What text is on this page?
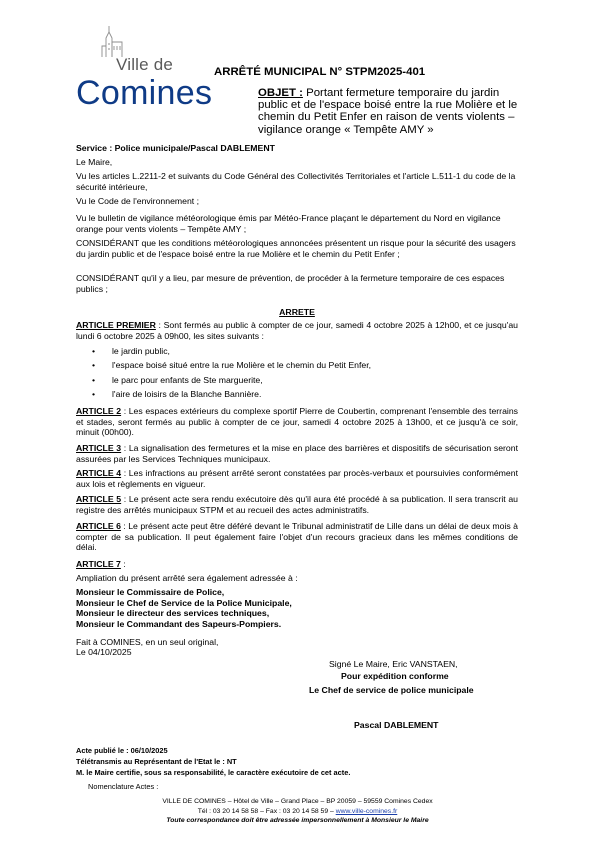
Ville de
Comines
ARRÊTÉ MUNICIPAL N° STPM2025-401
OBJET : Portant fermeture temporaire du jardin public et de l'espace boisé entre la rue Molière et le chemin du Petit Enfer en raison de vents violents – vigilance orange « Tempête AMY »

Service : Police municipale/Pascal DABLEMENT

Le Maire,

Vu les articles L.2211-2 et suivants du Code Général des Collectivités Territoriales et l'article L.511-1 du code de la sécurité intérieure,

Vu le Code de l'environnement ;

Vu le bulletin de vigilance météorologique émis par Météo-France plaçant le département du Nord en vigilance orange pour vents violents – Tempête AMY ;

CONSIDÉRANT que les conditions météorologiques annoncées présentent un risque pour la sécurité des usagers du jardin public et de l'espace boisé entre la rue Molière et le chemin du Petit Enfer ;

CONSIDÉRANT qu'il y a lieu, par mesure de prévention, de procéder à la fermeture temporaire de ces espaces publics ;

ARRETE

ARTICLE PREMIER : Sont fermés au public à compter de ce jour, samedi 4 octobre 2025 à 12h00, et ce jusqu'au lundi 6 octobre 2025 à 09h00, les sites suivants :

• le jardin public,
• l'espace boisé situé entre la rue Molière et le chemin du Petit Enfer,
• le parc pour enfants de Ste marguerite,
• l'aire de loisirs de la Blanche Bannière.

ARTICLE 2 : Les espaces extérieurs du complexe sportif Pierre de Coubertin, comprenant l'ensemble des terrains et stades, seront fermés au public à compter de ce jour, samedi 4 octobre 2025 à 13h00, et ce jusqu'à ce soir, minuit (00h00).

ARTICLE 3 : La signalisation des fermetures et la mise en place des barrières et dispositifs de sécurisation seront assurées par les Services Techniques municipaux.

ARTICLE 4 : Les infractions au présent arrêté seront constatées par procès-verbaux et poursuivies conformément aux lois et règlements en vigueur.

ARTICLE 5 : Le présent acte sera rendu exécutoire dès qu'il aura été procédé à sa publication. Il sera transcrit au registre des arrêtés municipaux STPM et au recueil des actes administratifs.

ARTICLE 6 : Le présent acte peut être déféré devant le Tribunal administratif de Lille dans un délai de deux mois à compter de sa publication. Il peut également faire l'objet d'un recours gracieux dans les mêmes conditions de délai.

ARTICLE 7 :

Ampliation du présent arrêté sera également adressée à :

Monsieur le Commissaire de Police,
Monsieur le Chef de Service de la Police Municipale,
Monsieur le directeur des services techniques,
Monsieur le Commandant des Sapeurs-Pompiers.

Fait à COMINES, en un seul original,

Le 04/10/2025

Signé Le Maire, Eric VANSTAEN,

Pour expédition conforme

Le Chef de service de police municipale

Pascal DABLEMENT

Acte publié le : 06/10/2025
Télétransmis au Représentant de l'Etat le : NT
M. le Maire certifie, sous sa responsabilité, le caractère exécutoire de cet acte.

Nomenclature Actes :

VILLE DE COMINES – Hôtel de Ville – Grand Place – BP 20059 – 59559 Comines Cedex
Tél : 03 20 14 58 58 – Fax : 03 20 14 58 59 – www.ville-comines.fr
Toute correspondance doit être adressée impersonnellement à Monsieur le Maire
